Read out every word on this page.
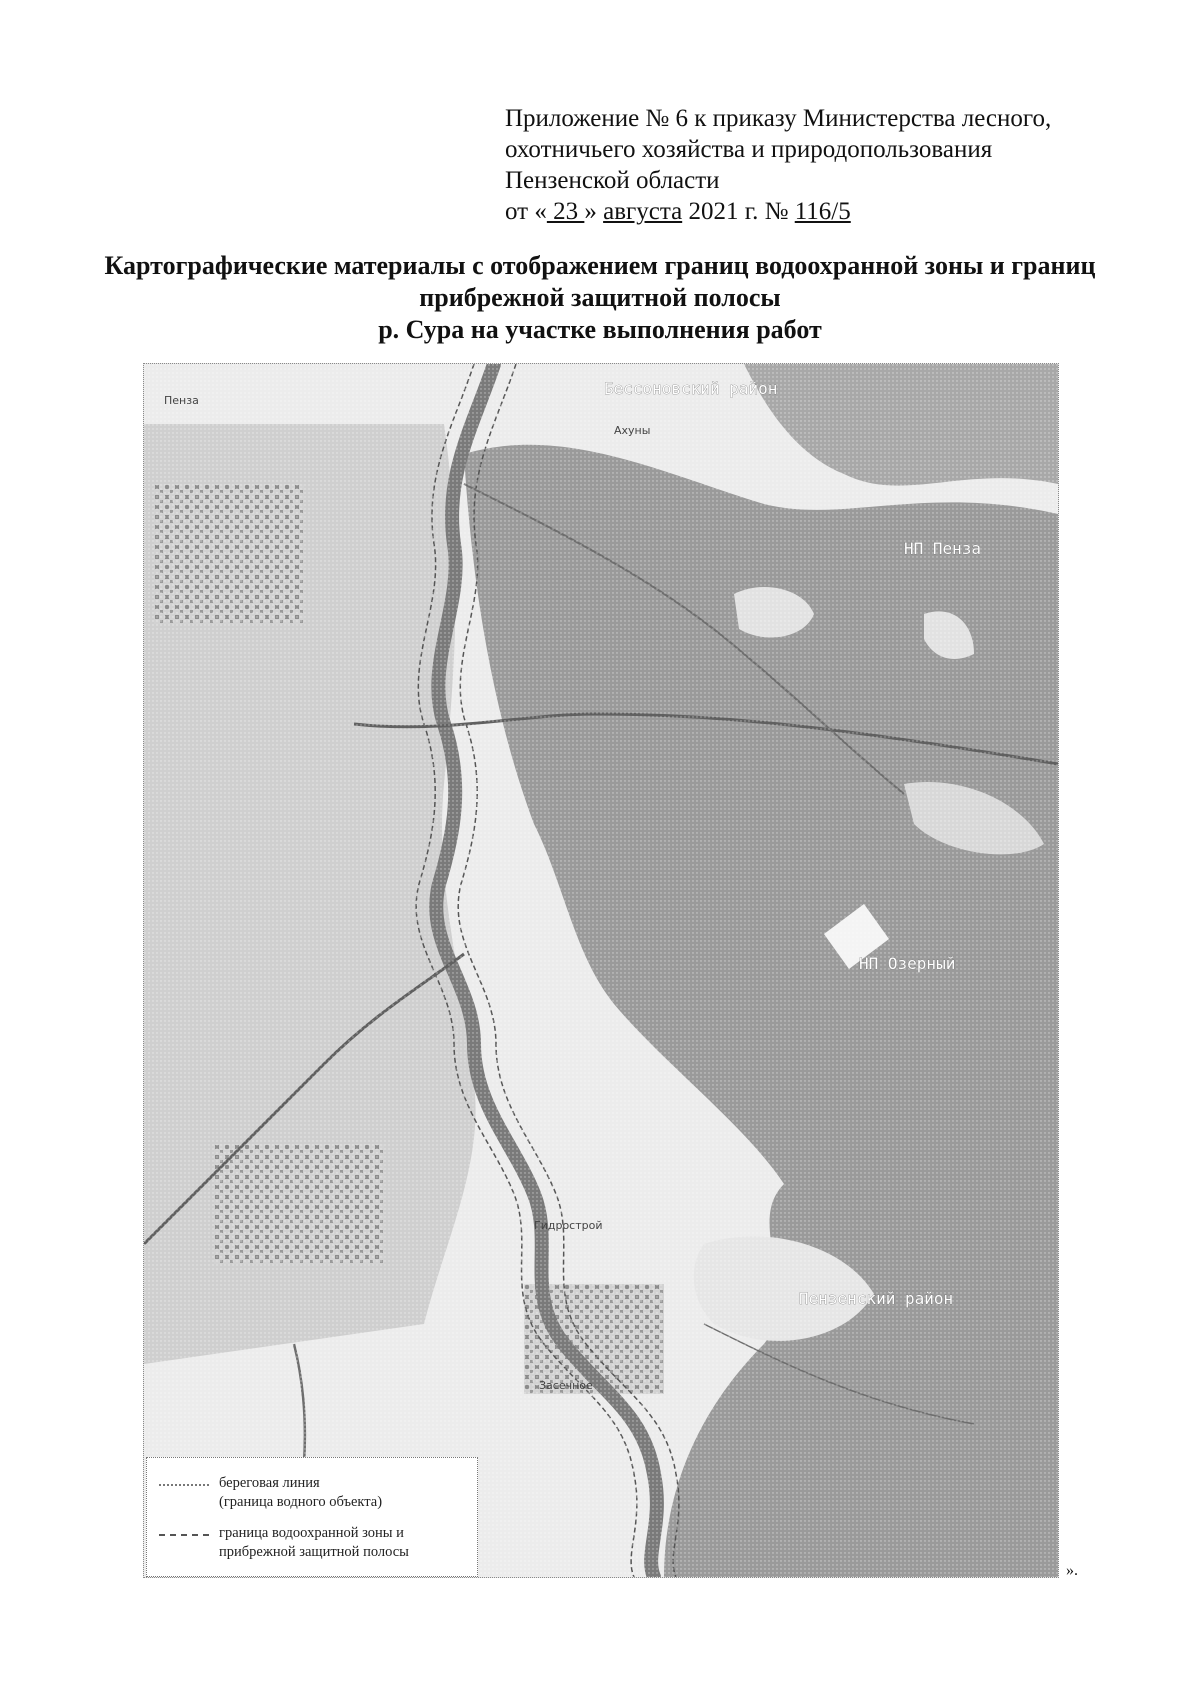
Приложение № 6 к приказу Министерства лесного,
охотничьего хозяйства и природопользования
Пензенской области
от « 23 » августа 2021 г. № 116/5
Картографические материалы с отображением границ водоохранной зоны и границ
прибрежной защитной полосы
р. Сура на участке выполнения работ
Бессоновский район
НП Пенза
НП Озерный
Пензенский район
Пенза
Гидрострой
Ахуны
Засечное
береговая линия
(граница водного объекта)
граница водоохранной зоны и
прибрежной защитной полосы
».
